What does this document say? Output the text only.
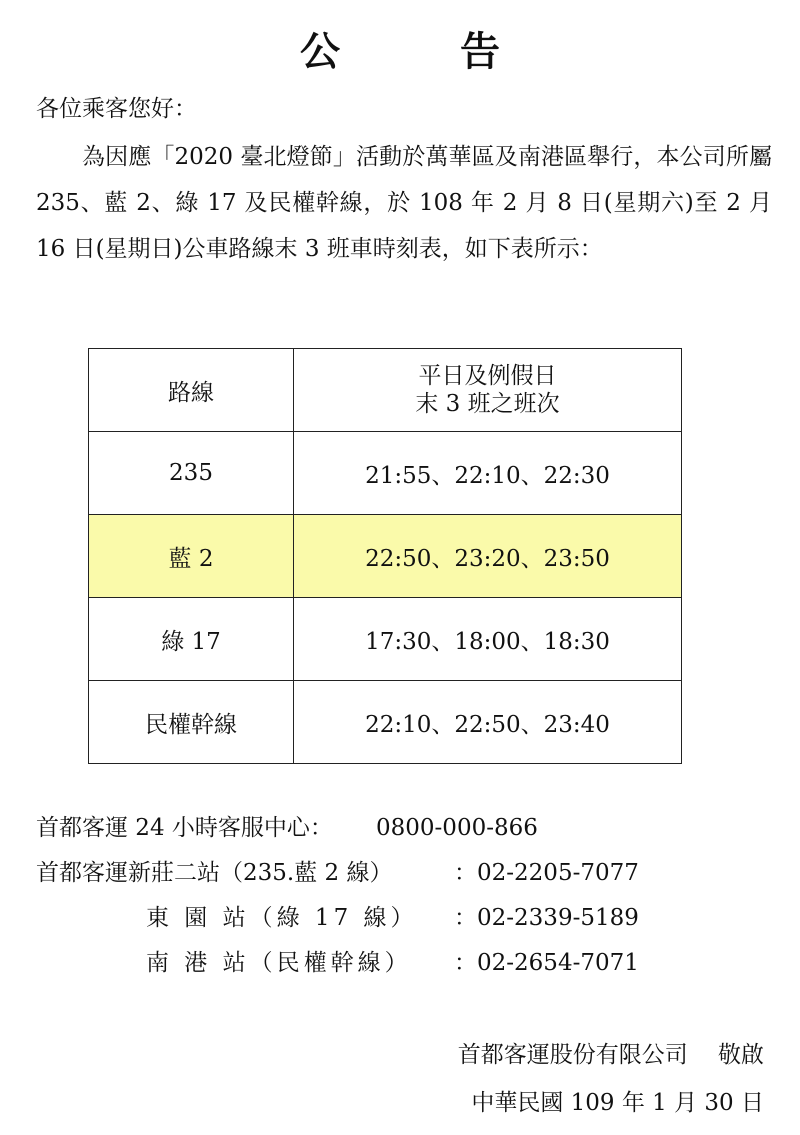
公　告

各位乘客您好：

為因應「2020 臺北燈節」活動於萬華區及南港區舉行，本公司所屬 235、藍 2、綠 17 及民權幹線，於 108 年 2 月 8 日(星期六)至 2 月 16 日(星期日)公車路線末 3 班車時刻表，如下表所示：

路線	平日及例假日
末 3 班之班次

235	21:55、22:10、22:30
藍 2	22:50、23:20、23:50
綠 17	17:30、18:00、18:30
民權幹線	22:10、22:50、23:40
首都客運 24 小時客服中心： 0800-000-866
首都客運新莊二站（235.藍 2 線）	：02-2205-7077
東 園 站（綠 17 線） ：02-2339-5189
南 港 站（民權幹線） ：02-2654-7071
首都客運股份有限公司　 敬啟
中華民國 109 年 1 月 30 日
